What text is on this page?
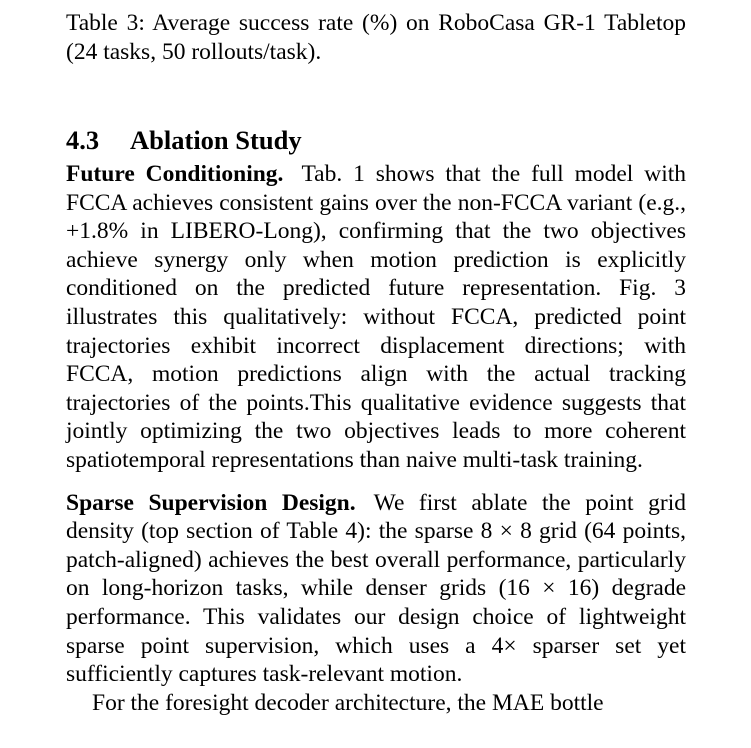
Table 3: Average success rate (%) on RoboCasa GR-1 Tabletop (24 tasks, 50 rollouts/task).

4.3 Ablation Study

Future Conditioning. Tab. 1 shows that the full model with FCCA achieves consistent gains over the non-FCCA variant (e.g., +1.8% in LIBERO-Long), confirming that the two objectives achieve synergy only when motion prediction is explicitly conditioned on the predicted future representation. Fig. 3 illustrates this qualitatively: without FCCA, predicted point trajectories exhibit incorrect displacement directions; with FCCA, motion predictions align with the actual tracking trajectories of the points.This qualitative evidence suggests that jointly optimizing the two objectives leads to more coherent spatiotemporal representations than naive multi-task training.

Sparse Supervision Design. We first ablate the point grid density (top section of Table 4): the sparse 8 × 8 grid (64 points, patch-aligned) achieves the best overall performance, particularly on long-horizon tasks, while denser grids (16 × 16) degrade performance. This validates our design choice of lightweight sparse point supervision, which uses a 4× sparser set yet sufficiently captures task-relevant motion.

For the foresight decoder architecture, the MAE bottle
